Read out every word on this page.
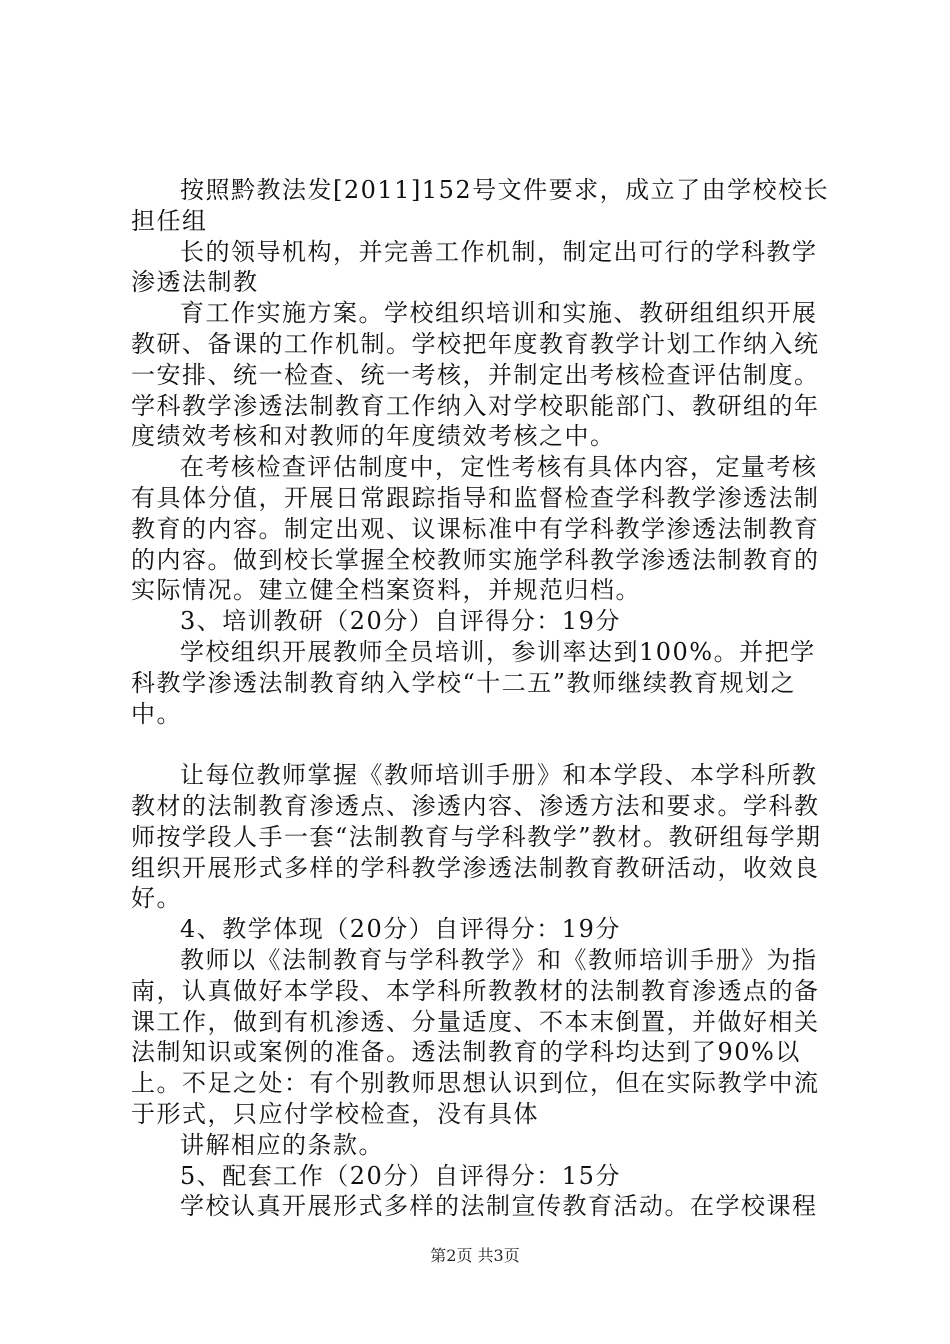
按照黔教法发[2011]152号文件要求，成立了由学校校长担任组

长的领导机构，并完善工作机制，制定出可行的学科教学渗透法制教

育工作实施方案。学校组织培训和实施、教研组组织开展教研、备课的工作机制。学校把年度教育教学计划工作纳入统一安排、统一检查、统一考核，并制定出考核检查评估制度。学科教学渗透法制教育工作纳入对学校职能部门、教研组的年度绩效考核和对教师的年度绩效考核之中。

在考核检查评估制度中，定性考核有具体内容，定量考核有具体分值，开展日常跟踪指导和监督检查学科教学渗透法制教育的内容。制定出观、议课标准中有学科教学渗透法制教育的内容。做到校长掌握全校教师实施学科教学渗透法制教育的实际情况。建立健全档案资料，并规范归档。

3、培训教研（20分）自评得分：19分

学校组织开展教师全员培训，参训率达到100%。并把学科教学渗透法制教育纳入学校“十二五”教师继续教育规划之中。

让每位教师掌握《教师培训手册》和本学段、本学科所教教材的法制教育渗透点、渗透内容、渗透方法和要求。学科教师按学段人手一套“法制教育与学科教学”教材。教研组每学期组织开展形式多样的学科教学渗透法制教育教研活动，收效良好。

4、教学体现（20分）自评得分：19分

教师以《法制教育与学科教学》和《教师培训手册》为指南，认真做好本学段、本学科所教教材的法制教育渗透点的备课工作，做到有机渗透、分量适度、不本末倒置，并做好相关法制知识或案例的准备。透法制教育的学科均达到了90%以上。不足之处：有个别教师思想认识到位，但在实际教学中流于形式，只应付学校检查，没有具体

讲解相应的条款。

5、配套工作（20分）自评得分：15分

学校认真开展形式多样的法制宣传教育活动。在学校课程

第2页 共3页
